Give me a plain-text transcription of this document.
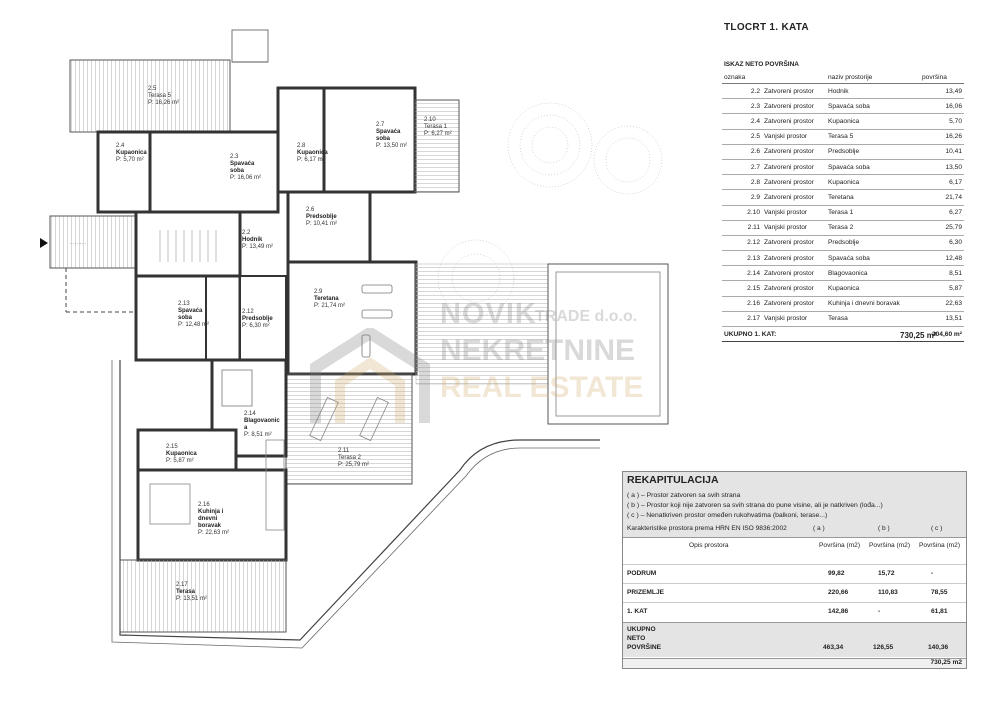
- - - - - - -
2.5
Terasa 5
P: 16,26 m²
2.4
Kupaonica
P: 5,70 m²	2.3
Spavaća
soba
P: 16,06 m²
2.8
Kupaonica
P: 6,17 m²
2.7
Spavaća
soba
P: 13,50 m²
2.10
Terasa 1
P: 6,27 m²
2.6
Predsoblje
P: 10,41 m²
2.2
Hodnik
P: 13,49 m²
2.9
Teretana
P: 21,74 m²
2.13
Spavaća
soba
P: 12,48 m²
2.12
Predsoblje
P: 6,30 m²
2.14
Blagovaonic
a
P: 8,51 m²
2.11
Terasa 2
P: 25,79 m²
2.15
Kupaonica
P: 5,87 m²
2.16
Kuhinja i
dnevni
boravak
P: 22,63 m²
2.17
Terasa
P: 13,51 m²
NOVIK
TRADE d.o.o.
NEKRETNINE
REAL ESTATE
TLOCRT 1. KATA
ISKAZ NETO POVRŠINA
oznaka		naziv prostorije	površina
2.2	Zatvoreni prostor	Hodnik	13,49
2.3	Zatvoreni prostor	Spavaća soba	16,06
2.4	Zatvoreni prostor	Kupaonica	5,70
2.5	Vanjski prostor	Terasa 5	16,26
2.6	Zatvoreni prostor	Predsoblje	10,41
2.7	Zatvoreni prostor	Spavaća soba	13,50
2.8	Zatvoreni prostor	Kupaonica	6,17
2.9	Zatvoreni prostor	Teretana	21,74
2.10	Vanjski prostor	Terasa 1	6,27
2.11	Vanjski prostor	Terasa 2	25,79
2.12	Zatvoreni prostor	Predsoblje	6,30
2.13	Zatvoreni prostor	Spavaća soba	12,48
2.14	Zatvoreni prostor	Blagovaonica	8,51
2.15	Zatvoreni prostor	Kupaonica	5,87
2.16	Zatvoreni prostor	Kuhinja i dnevni boravak	22,63
2.17	Vanjski prostor	Terasa	13,51
UKUPNO 1. KAT:			204,60 m²
730,25 m²
REKAPITULACIJA
( a ) – Prostor zatvoren sa svih strana
( b ) – Prostor koji nije zatvoren sa svih strana do pune visine, ali je natkriven (lođa...)
( c ) – Nenatkriven prostor omeđen rukohvatima (balkoni, terase...)
Karakteristike prostora prema HRN EN ISO 9836:2002	( a )	( b )	( c )
Opis prostora	Površina (m2) Površina (m2) Površina (m2)
PODRUM	99,82	15,72	-
PRIZEMLJE	220,66	110,83	78,55
1. KAT	142,86	-	61,81
UKUPNO
NETO
POVRŠINE	463,34	126,55	140,36
730,25 m2
